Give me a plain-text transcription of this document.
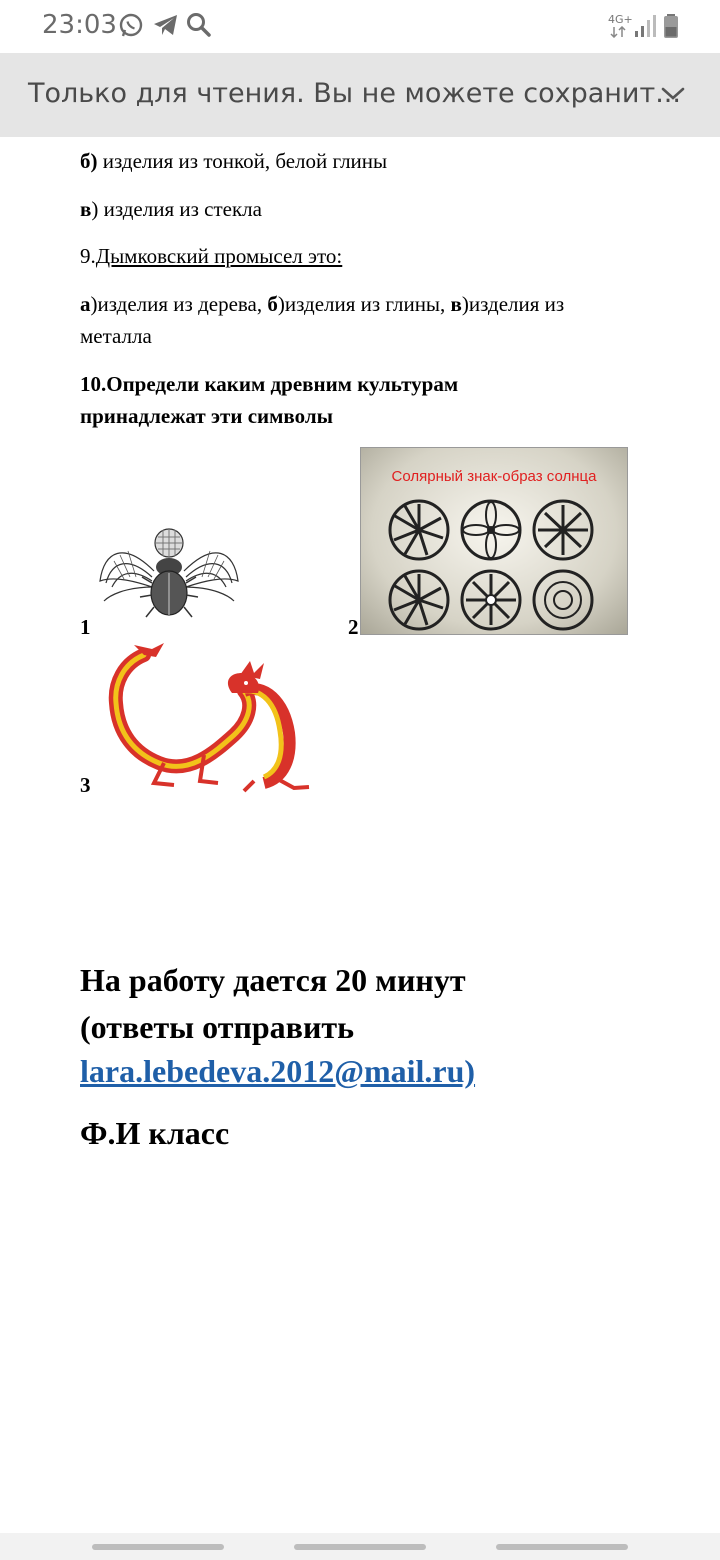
23:03	4G+
Только для чтения. Вы не можете сохранит...
б) изделия из тонкой, белой глины
в) изделия из стекла
9.Дымковский промысел это:
а)изделия из дерева, б)изделия из глины, в)изделия из
металла
10.Определи каким древним культурам
принадлежат эти символы
1	2
Солярный знак-образ солнца
3
На работу дается 20 минут
(ответы отправить
lara.lebedeva.2012@mail.ru)
Ф.И класс
